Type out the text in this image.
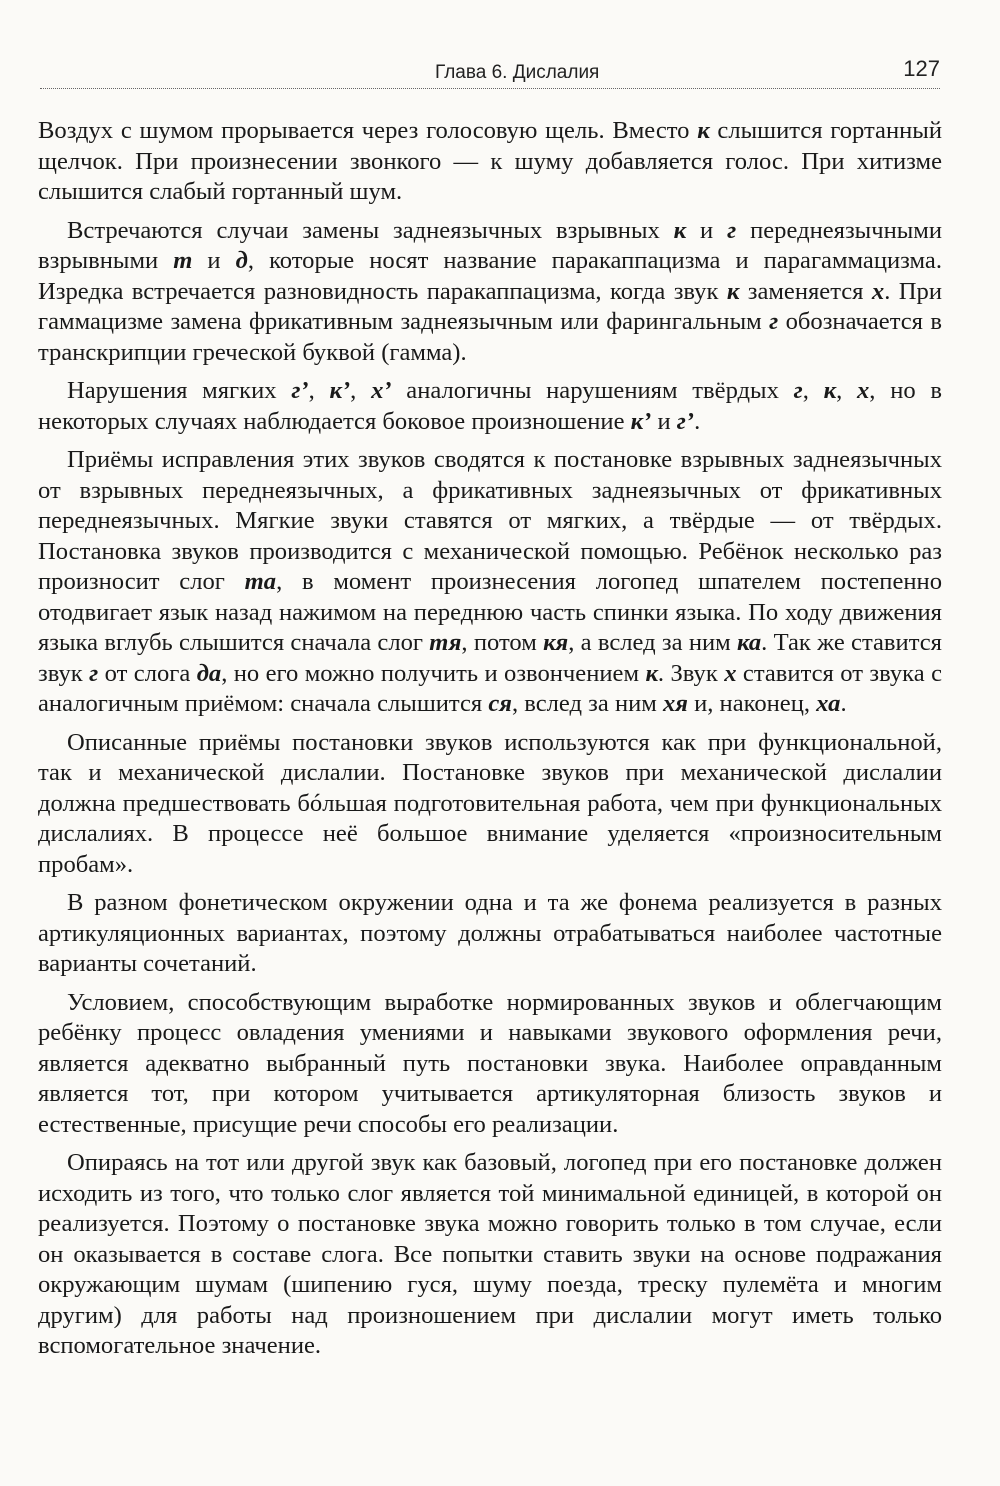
Глава 6. Дислалия	127

Воздух с шумом прорывается через голосовую щель. Вместо к слышится гортанный щелчок. При произнесении звонкого — к шуму добавляется голос. При хитизме слышится слабый гортанный шум.

Встречаются случаи замены заднеязычных взрывных к и г переднеязычными взрывными т и д, которые носят название паракаппацизма и парагаммацизма. Изредка встречается разновидность паракаппацизма, когда звук к заменяется х. При гаммацизме замена фрикативным заднеязычным или фарингальным г обозначается в транскрипции греческой буквой (гамма).

Нарушения мягких г’, к’, х’ аналогичны нарушениям твёрдых г, к, х, но в некоторых случаях наблюдается боковое произношение к’ и г’.

Приёмы исправления этих звуков сводятся к постановке взрывных заднеязычных от взрывных переднеязычных, а фрикативных заднеязычных от фрикативных переднеязычных. Мягкие звуки ставятся от мягких, а твёрдые — от твёрдых. Постановка звуков производится с механической помощью. Ребёнок несколько раз произносит слог та, в момент произнесения логопед шпателем постепенно отодвигает язык назад нажимом на переднюю часть спинки языка. По ходу движения языка вглубь слышится сначала слог тя, потом кя, а вслед за ним ка. Так же ставится звук г от слога да, но его можно получить и озвончением к. Звук х ставится от звука с аналогичным приёмом: сначала слышится ся, вслед за ним хя и, наконец, ха.

Описанные приёмы постановки звуков используются как при функциональной, так и механической дислалии. Постановке звуков при механической дислалии должна предшествовать бóльшая подготовительная работа, чем при функциональных дислалиях. В процессе неё большое внимание уделяется «произносительным пробам».

В разном фонетическом окружении одна и та же фонема реализуется в разных артикуляционных вариантах, поэтому должны отрабатываться наиболее частотные варианты сочетаний.

Условием, способствующим выработке нормированных звуков и облегчающим ребёнку процесс овладения умениями и навыками звукового оформления речи, является адекватно выбранный путь постановки звука. Наиболее оправданным является тот, при котором учитывается артикуляторная близость звуков и естественные, присущие речи способы его реализации.

Опираясь на тот или другой звук как базовый, логопед при его постановке должен исходить из того, что только слог является той минимальной единицей, в которой он реализуется. Поэтому о постановке звука можно говорить только в том случае, если он оказывается в составе слога. Все попытки ставить звуки на основе подражания окружающим шумам (шипению гуся, шуму поезда, треску пулемёта и многим другим) для работы над произношением при дислалии могут иметь только вспомогательное значение.
